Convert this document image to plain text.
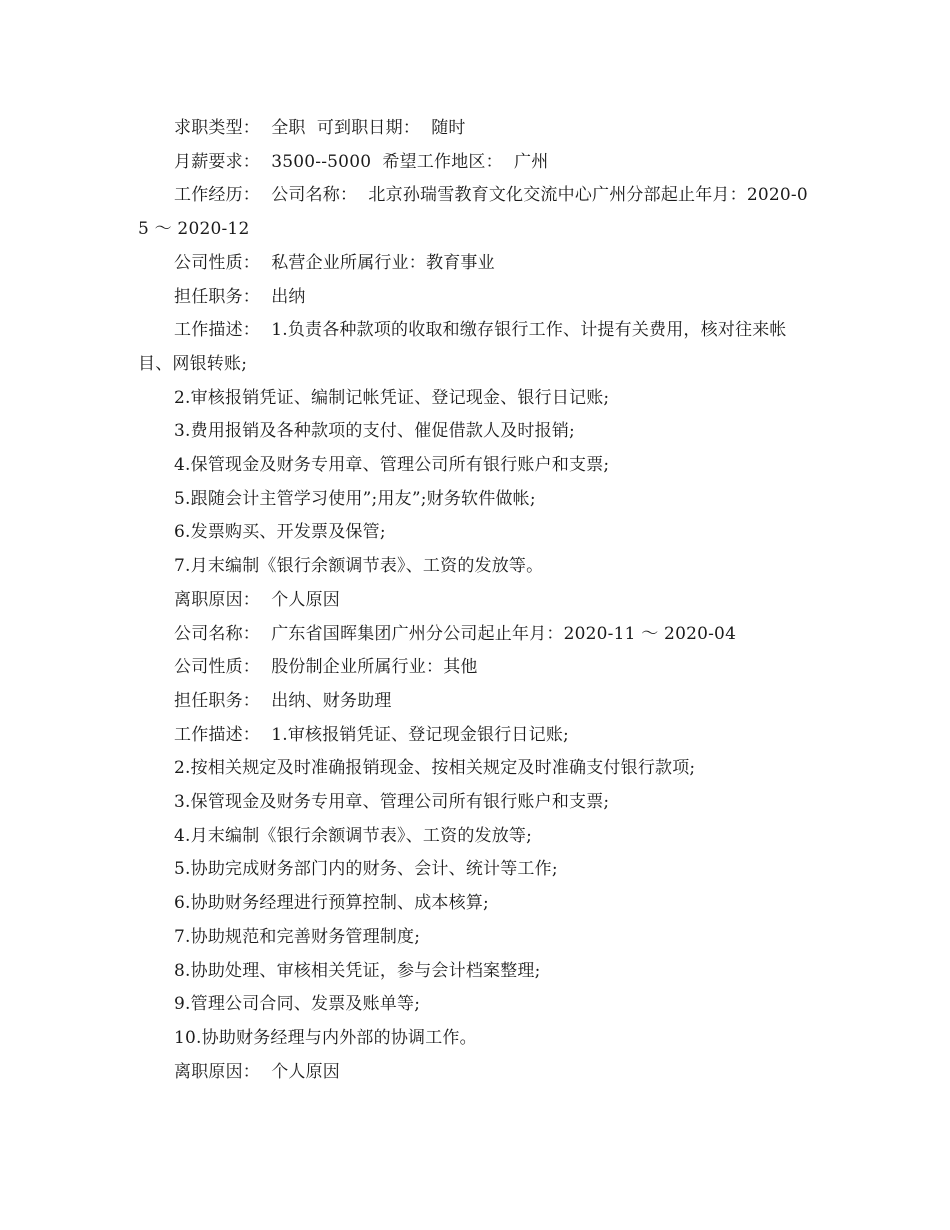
求职类型：  全职  可到职日期：  随时
月薪要求：  3500--5000  希望工作地区：  广州
工作经历：  公司名称：  北京孙瑞雪教育文化交流中心广州分部起止年月：2020-05 ～ 2020-12
公司性质：  私营企业所属行业：教育事业
担任职务：  出纳
工作描述：  1.负责各种款项的收取和缴存银行工作、计提有关费用，核对往来帐目、网银转账;
2.审核报销凭证、编制记帐凭证、登记现金、银行日记账;
3.费用报销及各种款项的支付、催促借款人及时报销;
4.保管现金及财务专用章、管理公司所有银行账户和支票;
5.跟随会计主管学习使用”;用友”;财务软件做帐;
6.发票购买、开发票及保管;
7.月末编制《银行余额调节表》、工资的发放等。
离职原因：  个人原因
公司名称：  广东省国晖集团广州分公司起止年月：2020-11 ～ 2020-04
公司性质：  股份制企业所属行业：其他
担任职务：  出纳、财务助理
工作描述：  1.审核报销凭证、登记现金银行日记账;
2.按相关规定及时准确报销现金、按相关规定及时准确支付银行款项;
3.保管现金及财务专用章、管理公司所有银行账户和支票;
4.月末编制《银行余额调节表》、工资的发放等;
5.协助完成财务部门内的财务、会计、统计等工作;
6.协助财务经理进行预算控制、成本核算;
7.协助规范和完善财务管理制度;
8.协助处理、审核相关凭证，参与会计档案整理;
9.管理公司合同、发票及账单等;
10.协助财务经理与内外部的协调工作。
离职原因：  个人原因
